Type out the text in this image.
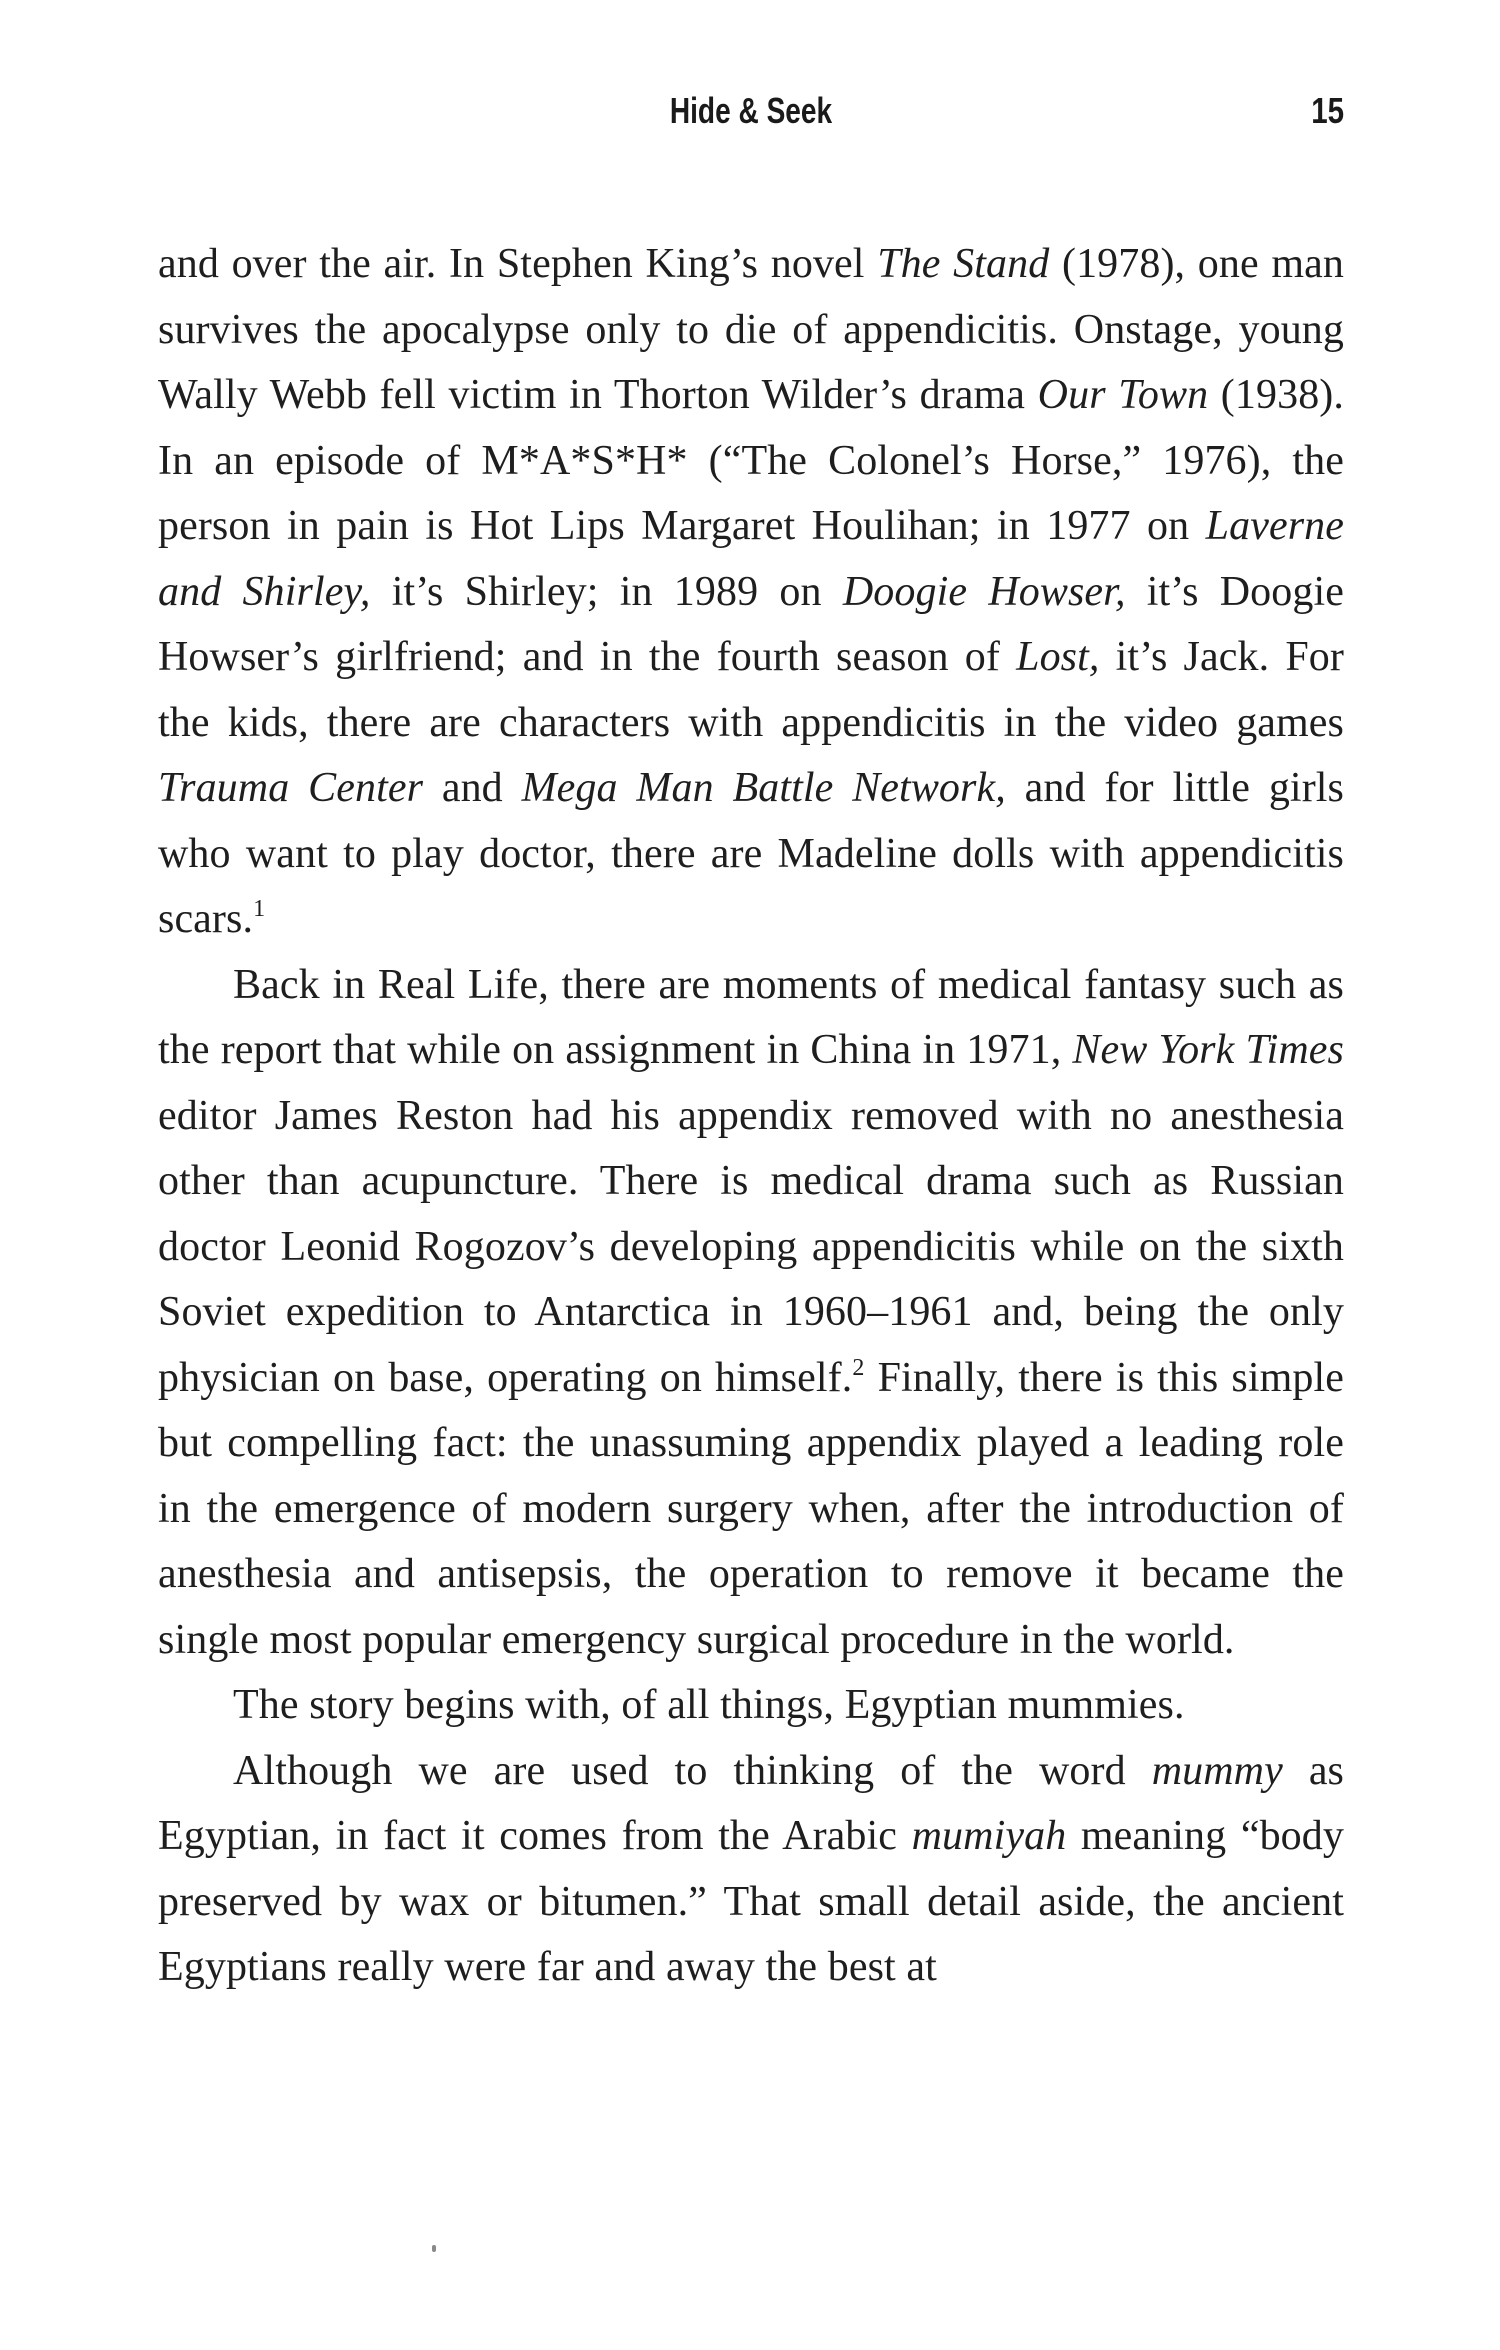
Hide & Seek	15

and over the air. In Stephen King’s novel The Stand (1978), one man survives the apocalypse only to die of appendicitis. Onstage, young Wally Webb fell victim in Thorton Wilder’s drama Our Town (1938). In an episode of M*A*S*H* (“The Colonel’s Horse,” 1976), the person in pain is Hot Lips Margaret Houlihan; in 1977 on Laverne and Shirley, it’s Shirley; in 1989 on Doogie Howser, it’s Doogie Howser’s girlfriend; and in the fourth season of Lost, it’s Jack. For the kids, there are characters with appendicitis in the video games Trauma Center and Mega Man Battle Network, and for little girls who want to play doctor, there are Madeline dolls with appendicitis scars.$^1$

Back in Real Life, there are moments of medical fantasy such as the report that while on assignment in China in 1971, New York Times editor James Reston had his appendix removed with no anesthesia other than acupuncture. There is medical drama such as Russian doctor Leonid Rogozov’s developing appendicitis while on the sixth Soviet expedition to Antarctica in 1960–1961 and, being the only physician on base, operating on himself.$^2$ Finally, there is this simple but compelling fact: the unassuming appendix played a leading role in the emergence of modern surgery when, after the introduction of anesthesia and antisepsis, the operation to remove it became the single most popular emergency surgical procedure in the world.

The story begins with, of all things, Egyptian mummies.

Although we are used to thinking of the word mummy as Egyptian, in fact it comes from the Arabic mumiyah meaning “body preserved by wax or bitumen.” That small detail aside, the ancient Egyptians really were far and away the best at
